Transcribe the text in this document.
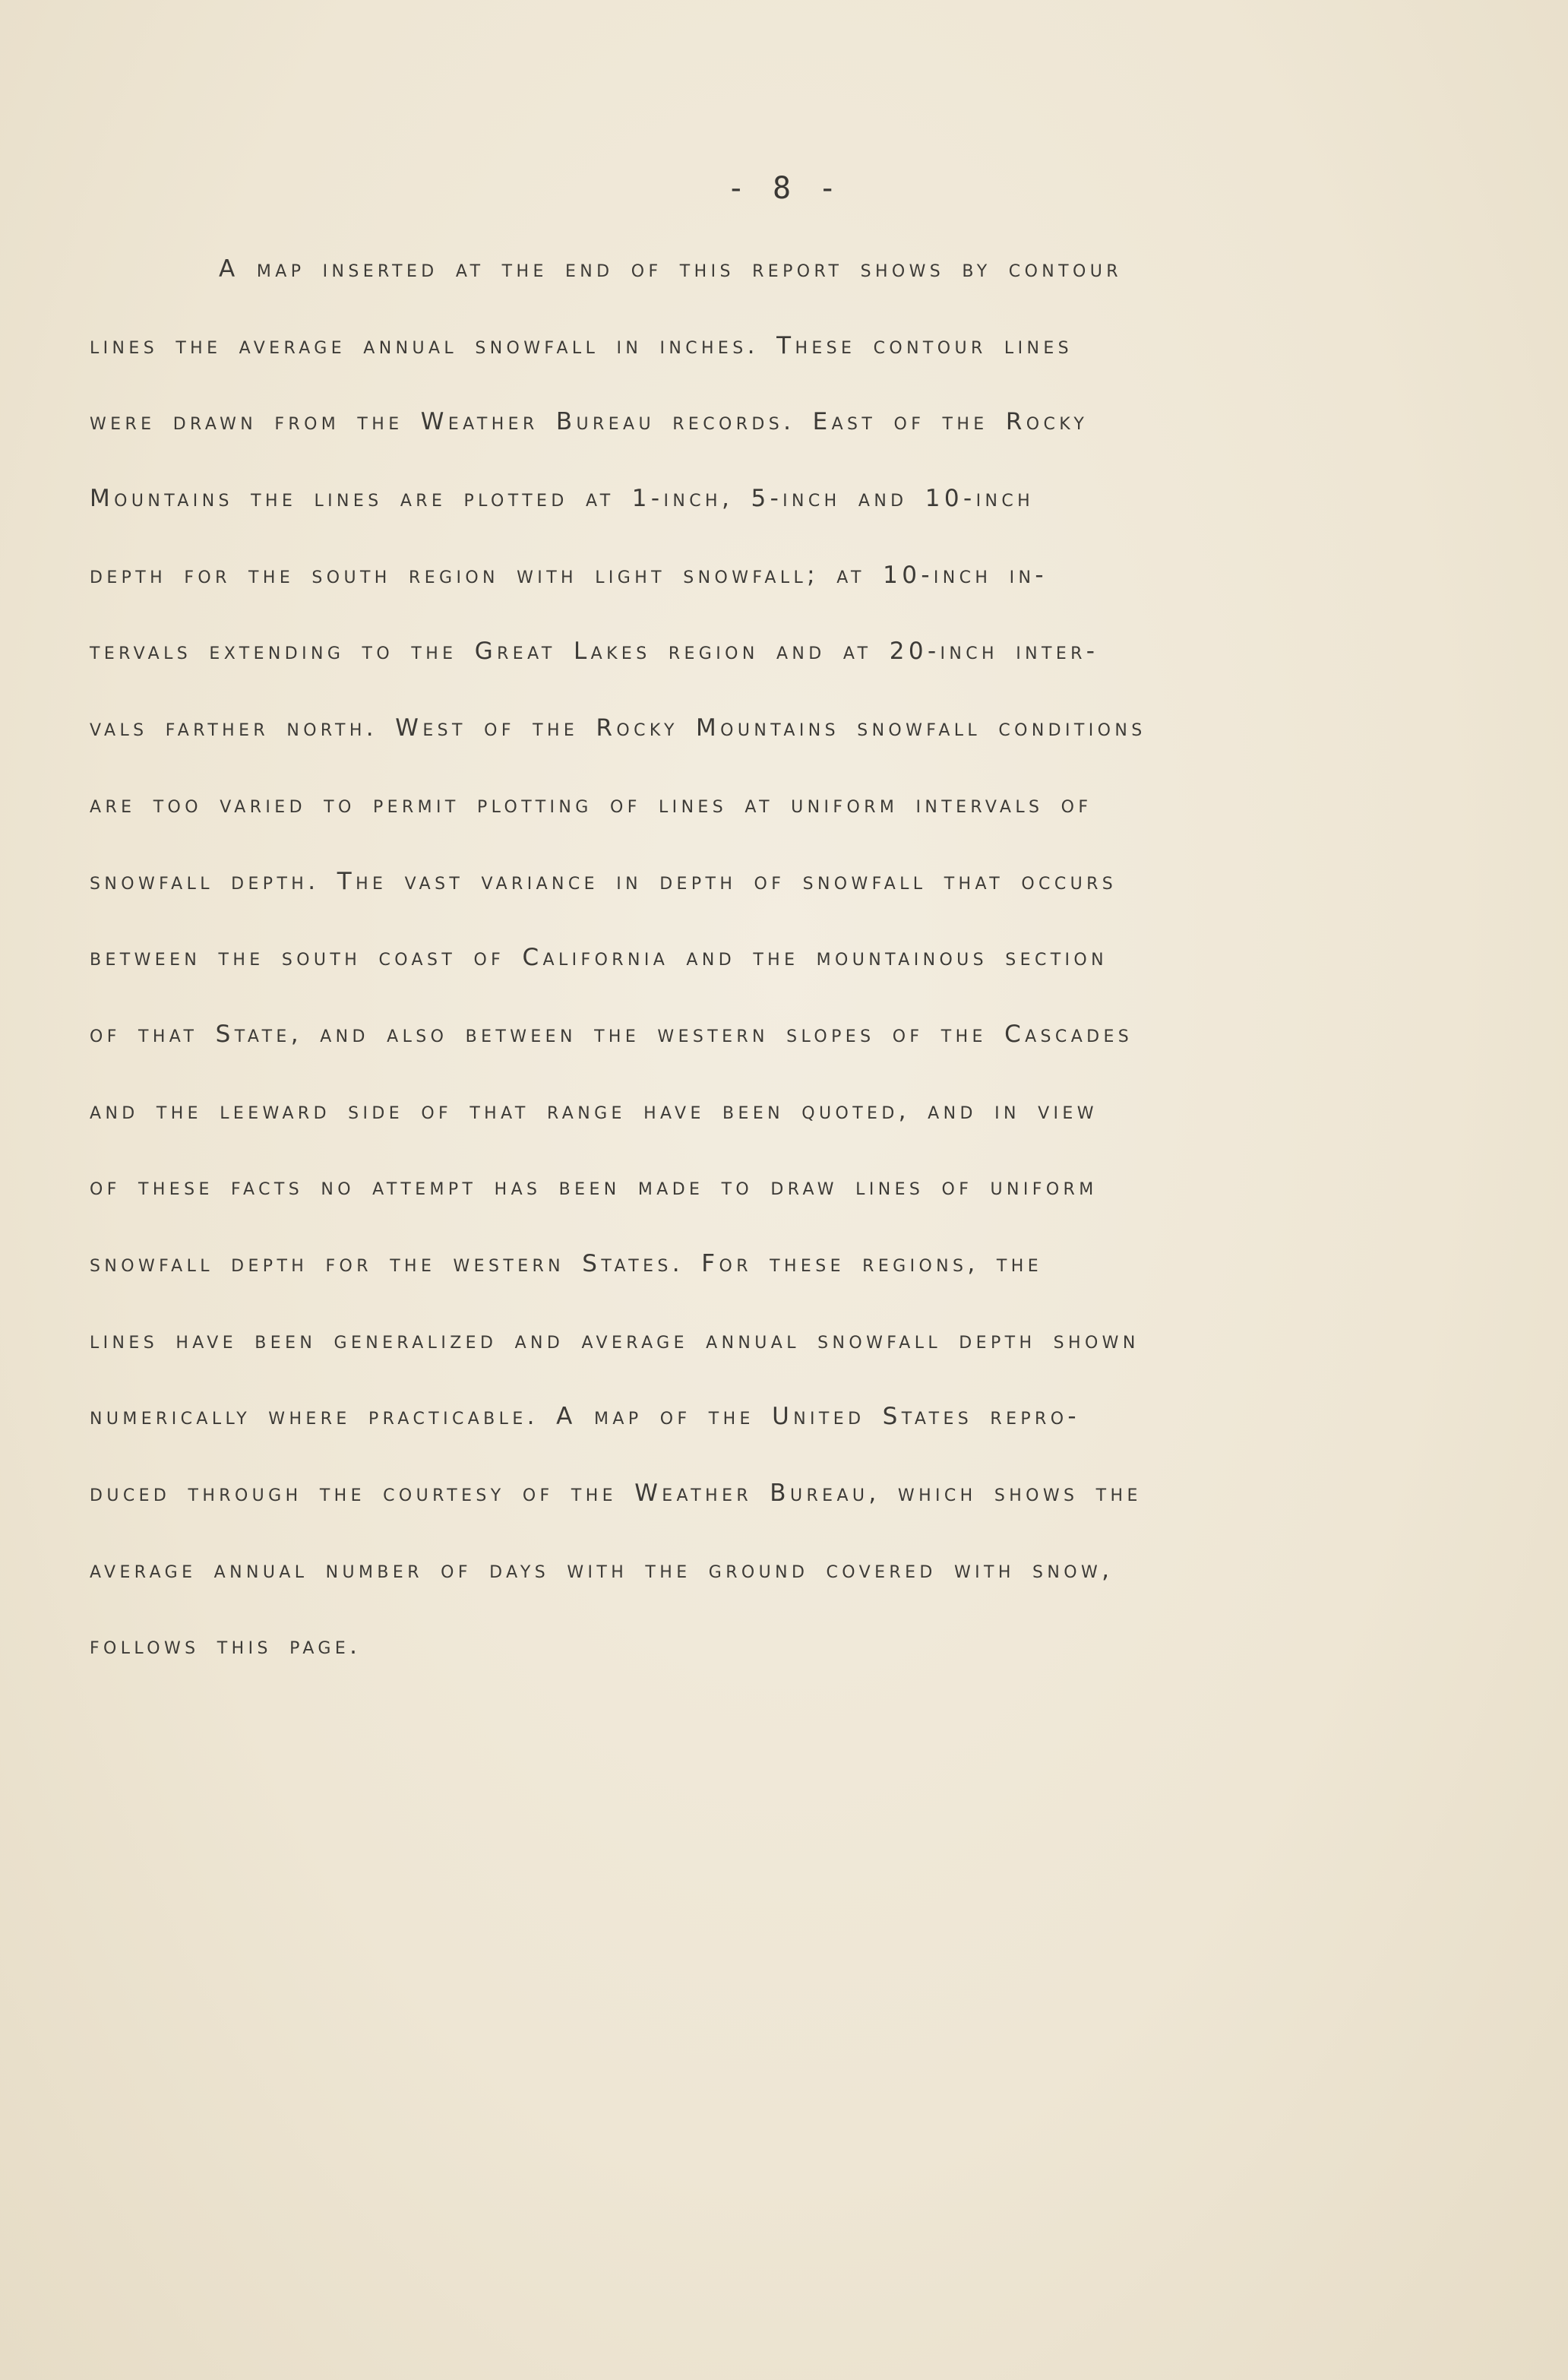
- 8 -
A map inserted at the end of this report shows by contour
lines the average annual snowfall in inches. These contour lines
were drawn from the Weather Bureau records. East of the Rocky
Mountains the lines are plotted at 1-inch, 5-inch and 10-inch
depth for the south region with light snowfall; at 10-inch in-
tervals extending to the Great Lakes region and at 20-inch inter-
vals farther north. West of the Rocky Mountains snowfall conditions
are too varied to permit plotting of lines at uniform intervals of
snowfall depth. The vast variance in depth of snowfall that occurs
between the south coast of California and the mountainous section
of that State, and also between the western slopes of the Cascades
and the leeward side of that range have been quoted, and in view
of these facts no attempt has been made to draw lines of uniform
snowfall depth for the western States. For these regions, the
lines have been generalized and average annual snowfall depth shown
numerically where practicable. A map of the United States repro-
duced through the courtesy of the Weather Bureau, which shows the
average annual number of days with the ground covered with snow,
follows this page.
